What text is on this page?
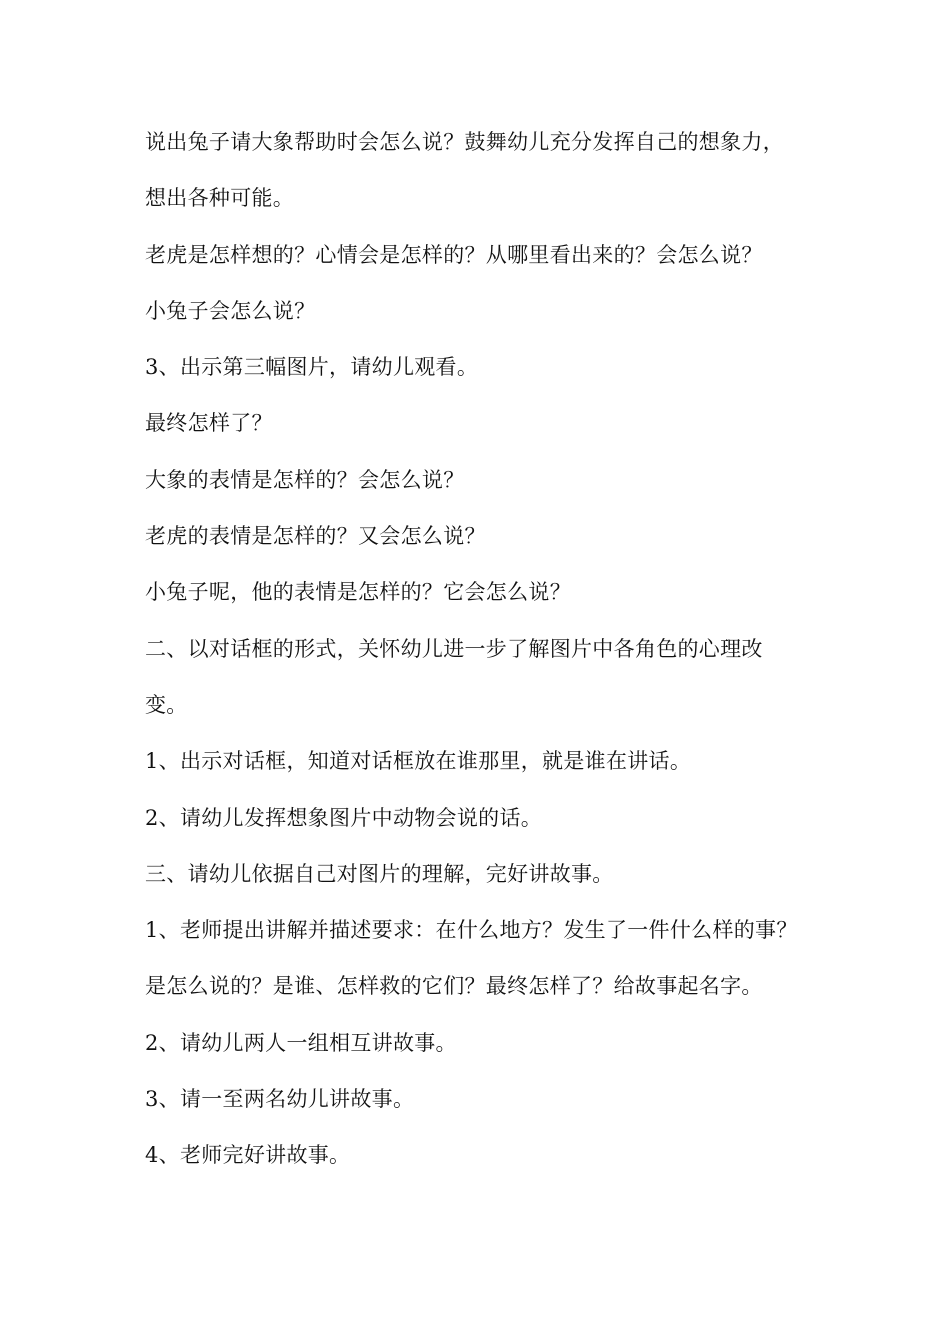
说出兔子请大象帮助时会怎么说？鼓舞幼儿充分发挥自己的想象力，

想出各种可能。

老虎是怎样想的？心情会是怎样的？从哪里看出来的？会怎么说？

小兔子会怎么说？

3、出示第三幅图片，请幼儿观看。

最终怎样了？

大象的表情是怎样的？会怎么说？

老虎的表情是怎样的？又会怎么说？

小兔子呢，他的表情是怎样的？它会怎么说？

二、以对话框的形式，关怀幼儿进一步了解图片中各角色的心理改

变。

1、出示对话框，知道对话框放在谁那里，就是谁在讲话。

2、请幼儿发挥想象图片中动物会说的话。

三、请幼儿依据自己对图片的理解，完好讲故事。

1、老师提出讲解并描述要求：在什么地方？发生了一件什么样的事？

是怎么说的？是谁、怎样救的它们？最终怎样了？给故事起名字。

2、请幼儿两人一组相互讲故事。

3、请一至两名幼儿讲故事。

4、老师完好讲故事。
